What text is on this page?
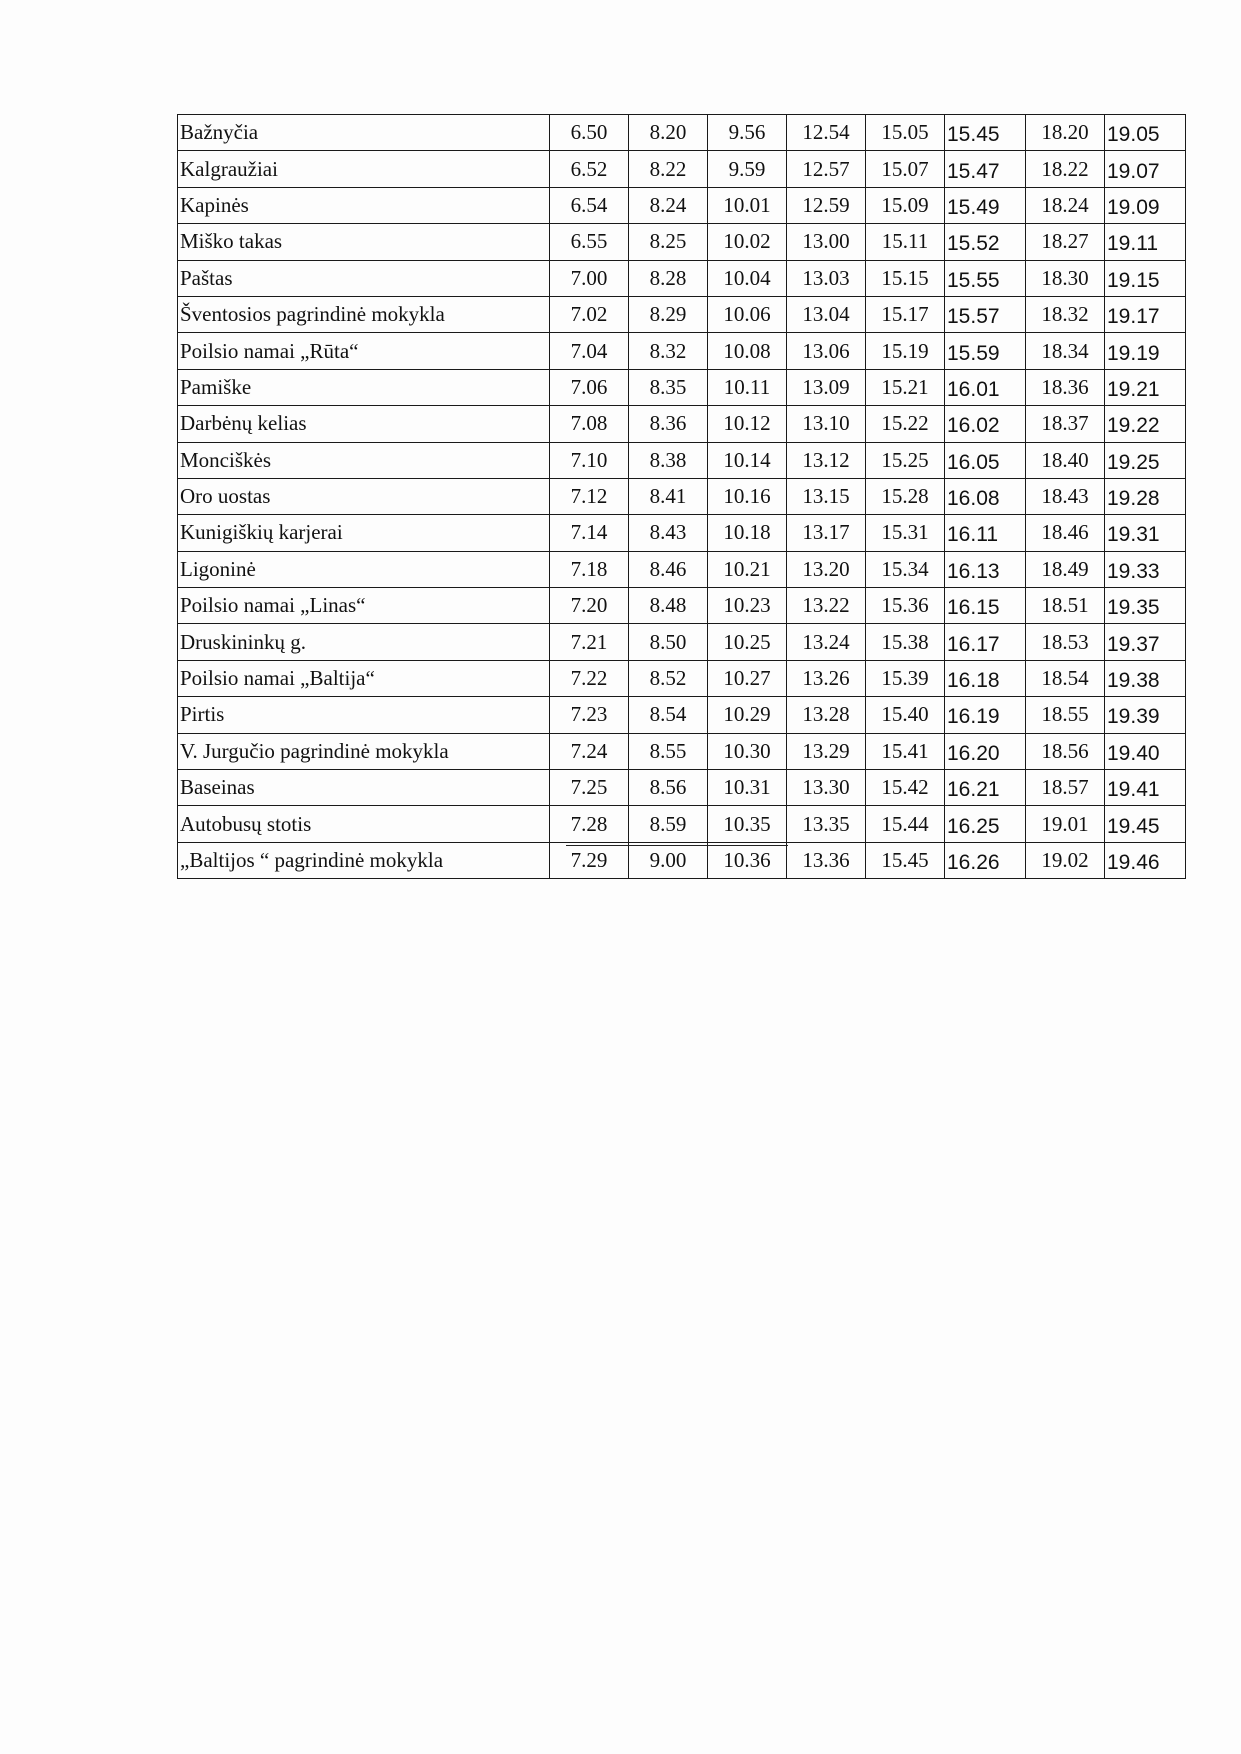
Bažnyčia	6.50	8.20	9.56	12.54	15.05	15.45	18.20	19.05
Kalgraužiai	6.52	8.22	9.59	12.57	15.07	15.47	18.22	19.07
Kapinės	6.54	8.24	10.01	12.59	15.09	15.49	18.24	19.09
Miško takas	6.55	8.25	10.02	13.00	15.11	15.52	18.27	19.11
Paštas	7.00	8.28	10.04	13.03	15.15	15.55	18.30	19.15
Šventosios pagrindinė mokykla	7.02	8.29	10.06	13.04	15.17	15.57	18.32	19.17
Poilsio namai „Rūta“	7.04	8.32	10.08	13.06	15.19	15.59	18.34	19.19
Pamiške	7.06	8.35	10.11	13.09	15.21	16.01	18.36	19.21
Darbėnų kelias	7.08	8.36	10.12	13.10	15.22	16.02	18.37	19.22
Monciškės	7.10	8.38	10.14	13.12	15.25	16.05	18.40	19.25
Oro uostas	7.12	8.41	10.16	13.15	15.28	16.08	18.43	19.28
Kunigiškių karjerai	7.14	8.43	10.18	13.17	15.31	16.11	18.46	19.31
Ligoninė	7.18	8.46	10.21	13.20	15.34	16.13	18.49	19.33
Poilsio namai „Linas“	7.20	8.48	10.23	13.22	15.36	16.15	18.51	19.35
Druskininkų g.	7.21	8.50	10.25	13.24	15.38	16.17	18.53	19.37
Poilsio namai „Baltija“	7.22	8.52	10.27	13.26	15.39	16.18	18.54	19.38
Pirtis	7.23	8.54	10.29	13.28	15.40	16.19	18.55	19.39
V. Jurgučio pagrindinė mokykla	7.24	8.55	10.30	13.29	15.41	16.20	18.56	19.40
Baseinas	7.25	8.56	10.31	13.30	15.42	16.21	18.57	19.41
Autobusų stotis	7.28	8.59	10.35	13.35	15.44	16.25	19.01	19.45
„Baltijos “ pagrindinė mokykla	7.29	9.00	10.36	13.36	15.45	16.26	19.02	19.46
